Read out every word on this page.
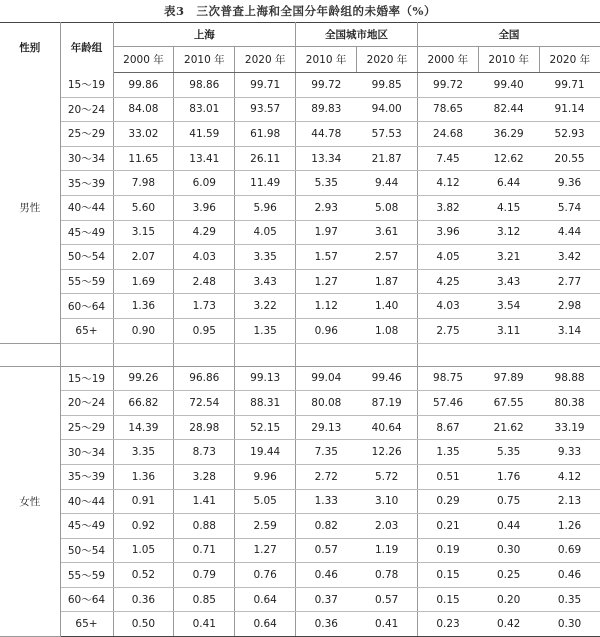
表3　三次普查上海和全国分年龄组的未婚率（%）
性别	年龄组	上海			全国城市地区		全国		
		2000 年	2010 年	2020 年	2010 年	2020 年	2000 年	2010 年	2020 年
男性	15～19	99.86	98.86	99.71	99.72	99.85	99.72	99.40	99.71
	20～24	84.08	83.01	93.57	89.83	94.00	78.65	82.44	91.14
	25～29	33.02	41.59	61.98	44.78	57.53	24.68	36.29	52.93
	30～34	11.65	13.41	26.11	13.34	21.87	7.45	12.62	20.55
	35～39	7.98	6.09	11.49	5.35	9.44	4.12	6.44	9.36
	40～44	5.60	3.96	5.96	2.93	5.08	3.82	4.15	5.74
	45～49	3.15	4.29	4.05	1.97	3.61	3.96	3.12	4.44
	50～54	2.07	4.03	3.35	1.57	2.57	4.05	3.21	3.42
	55～59	1.69	2.48	3.43	1.27	1.87	4.25	3.43	2.77
	60～64	1.36	1.73	3.22	1.12	1.40	4.03	3.54	2.98
	65+	0.90	0.95	1.35	0.96	1.08	2.75	3.11	3.14

女性	15～19	99.26	96.86	99.13	99.04	99.46	98.75	97.89	98.88
	20～24	66.82	72.54	88.31	80.08	87.19	57.46	67.55	80.38
	25～29	14.39	28.98	52.15	29.13	40.64	8.67	21.62	33.19
	30～34	3.35	8.73	19.44	7.35	12.26	1.35	5.35	9.33
	35～39	1.36	3.28	9.96	2.72	5.72	0.51	1.76	4.12
	40～44	0.91	1.41	5.05	1.33	3.10	0.29	0.75	2.13
	45～49	0.92	0.88	2.59	0.82	2.03	0.21	0.44	1.26
	50～54	1.05	0.71	1.27	0.57	1.19	0.19	0.30	0.69
	55～59	0.52	0.79	0.76	0.46	0.78	0.15	0.25	0.46
	60～64	0.36	0.85	0.64	0.37	0.57	0.15	0.20	0.35
	65+	0.50	0.41	0.64	0.36	0.41	0.23	0.42	0.30
